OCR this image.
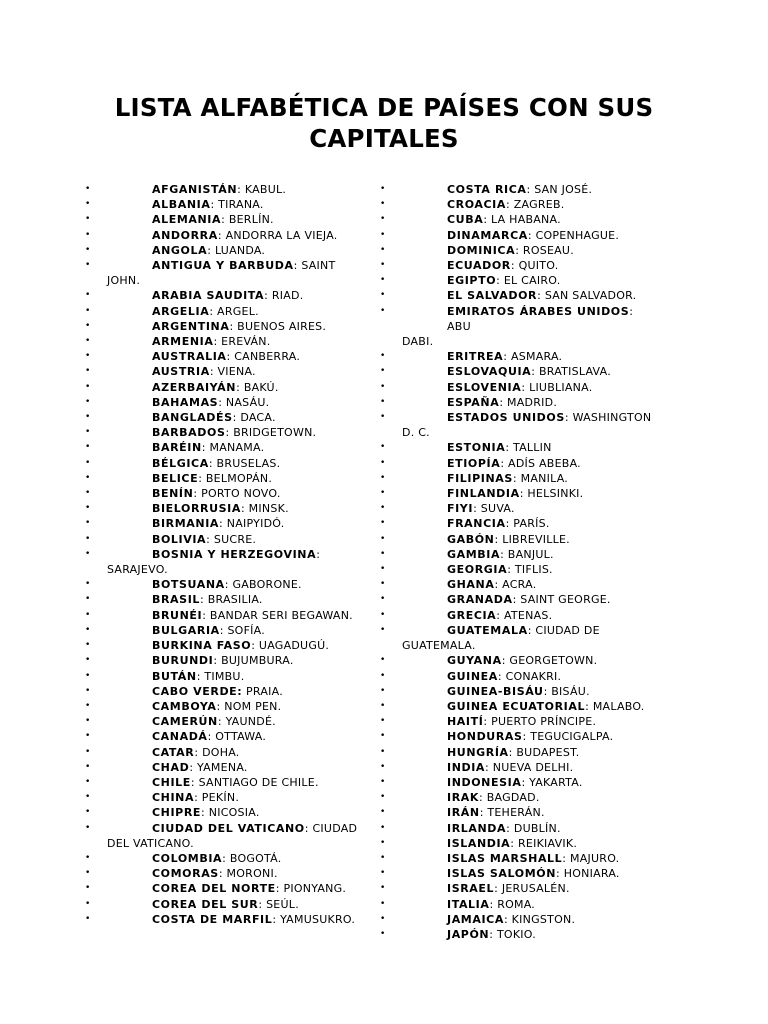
LISTA ALFABÉTICA DE PAÍSES CON SUS
CAPITALES
•	AFGANISTÁN: KABUL.
•	ALBANIA: TIRANA.
•	ALEMANIA: BERLÍN.
•	ANDORRA: ANDORRA LA VIEJA.
•	ANGOLA: LUANDA.
•	ANTIGUA Y BARBUDA: SAINT
JOHN.
•	ARABIA SAUDITA: RIAD.
•	ARGELIA: ARGEL.
•	ARGENTINA: BUENOS AIRES.
•	ARMENIA: EREVÁN.
•	AUSTRALIA: CANBERRA.
•	AUSTRIA: VIENA.
•	AZERBAIYÁN: BAKÚ.
•	BAHAMAS: NASÁU.
•	BANGLADÉS: DACA.
•	BARBADOS: BRIDGETOWN.
•	BARÉIN: MANAMA.
•	BÉLGICA: BRUSELAS.
•	BELICE: BELMOPÁN.
•	BENÍN: PORTO NOVO.
•	BIELORRUSIA: MINSK.
•	BIRMANIA: NAIPYIDÓ.
•	BOLIVIA: SUCRE.
•	BOSNIA Y HERZEGOVINA:
SARAJEVO.
•	BOTSUANA: GABORONE.
•	BRASIL: BRASILIA.
•	BRUNÉI: BANDAR SERI BEGAWAN.
•	BULGARIA: SOFÍA.
•	BURKINA FASO: UAGADUGÚ.
•	BURUNDI: BUJUMBURA.
•	BUTÁN: TIMBU.
•	CABO VERDE: PRAIA.
•	CAMBOYA: NOM PEN.
•	CAMERÚN: YAUNDÉ.
•	CANADÁ: OTTAWA.
•	CATAR: DOHA.
•	CHAD: YAMENA.
•	CHILE: SANTIAGO DE CHILE.
•	CHINA: PEKÍN.
•	CHIPRE: NICOSIA.
•	CIUDAD DEL VATICANO: CIUDAD
DEL VATICANO.
•	COLOMBIA: BOGOTÁ.
•	COMORAS: MORONI.
•	COREA DEL NORTE: PIONYANG.
•	COREA DEL SUR: SEÚL.
•	COSTA DE MARFIL: YAMUSUKRO.
•	COSTA RICA: SAN JOSÉ.
•	CROACIA: ZAGREB.
•	CUBA: LA HABANA.
•	DINAMARCA: COPENHAGUE.
•	DOMINICA: ROSEAU.
•	ECUADOR: QUITO.
•	EGIPTO: EL CAIRO.
•	EL SALVADOR: SAN SALVADOR.
•	EMIRATOS ÁRABES UNIDOS: ABU
DABI.
•	ERITREA: ASMARA.
•	ESLOVAQUIA: BRATISLAVA.
•	ESLOVENIA: LIUBLIANA.
•	ESPAÑA: MADRID.
•	ESTADOS UNIDOS: WASHINGTON
D. C.
•	ESTONIA: TALLIN
•	ETIOPÍA: ADÍS ABEBA.
•	FILIPINAS: MANILA.
•	FINLANDIA: HELSINKI.
•	FIYI: SUVA.
•	FRANCIA: PARÍS.
•	GABÓN: LIBREVILLE.
•	GAMBIA: BANJUL.
•	GEORGIA: TIFLIS.
•	GHANA: ACRA.
•	GRANADA: SAINT GEORGE.
•	GRECIA: ATENAS.
•	GUATEMALA: CIUDAD DE
GUATEMALA.
•	GUYANA: GEORGETOWN.
•	GUINEA: CONAKRI.
•	GUINEA-BISÁU: BISÁU.
•	GUINEA ECUATORIAL: MALABO.
•	HAITÍ: PUERTO PRÍNCIPE.
•	HONDURAS: TEGUCIGALPA.
•	HUNGRÍA: BUDAPEST.
•	INDIA: NUEVA DELHI.
•	INDONESIA: YAKARTA.
•	IRAK: BAGDAD.
•	IRÁN: TEHERÁN.
•	IRLANDA: DUBLÍN.
•	ISLANDIA: REIKIAVIK.
•	ISLAS MARSHALL: MAJURO.
•	ISLAS SALOMÓN: HONIARA.
•	ISRAEL: JERUSALÉN.
•	ITALIA: ROMA.
•	JAMAICA: KINGSTON.
•	JAPÓN: TOKIO.
